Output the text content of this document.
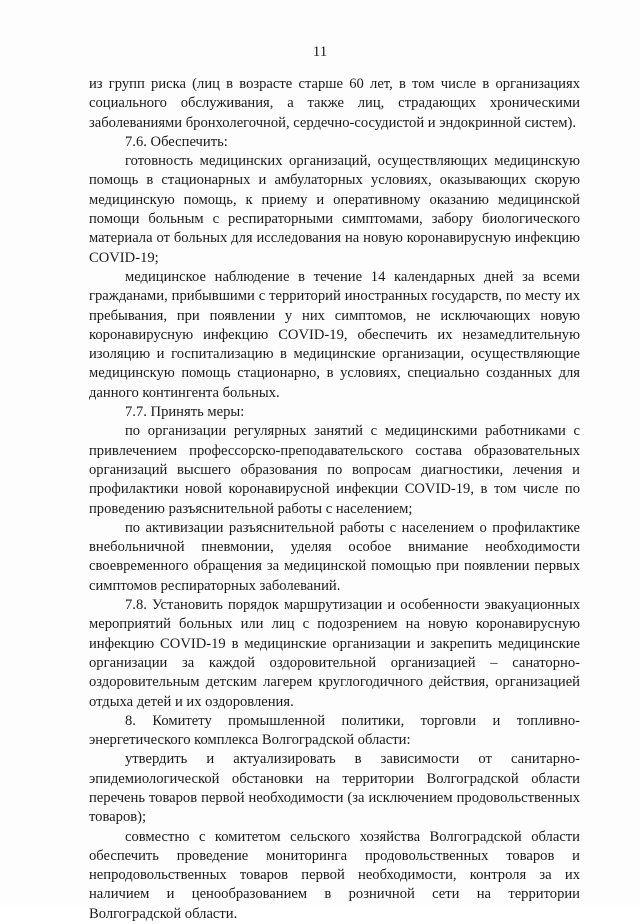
11

из групп риска (лиц в возрасте старше 60 лет, в том числе в организациях социального обслуживания, а также лиц, страдающих хроническими заболеваниями бронхолегочной, сердечно-сосудистой и эндокринной систем).

7.6. Обеспечить:

готовность медицинских организаций, осуществляющих медицинскую помощь в стационарных и амбулаторных условиях, оказывающих скорую медицинскую помощь, к приему и оперативному оказанию медицинской помощи больным с респираторными симптомами, забору биологического материала от больных для исследования на новую коронавирусную инфекцию COVID-19;

медицинское наблюдение в течение 14 календарных дней за всеми гражданами, прибывшими с территорий иностранных государств, по месту их пребывания, при появлении у них симптомов, не исключающих новую коронавирусную инфекцию COVID-19, обеспечить их незамедлительную изоляцию и госпитализацию в медицинские организации, осуществляющие медицинскую помощь стационарно, в условиях, специально созданных для данного контингента больных.

7.7. Принять меры:

по организации регулярных занятий с медицинскими работниками с привлечением профессорско-преподавательского состава образовательных организаций высшего образования по вопросам диагностики, лечения и профилактики новой коронавирусной инфекции COVID-19, в том числе по проведению разъяснительной работы с населением;

по активизации разъяснительной работы с населением о профилактике внебольничной пневмонии, уделяя особое внимание необходимости своевременного обращения за медицинской помощью при появлении первых симптомов респираторных заболеваний.

7.8. Установить порядок маршрутизации и особенности эвакуационных мероприятий больных или лиц с подозрением на новую коронавирусную инфекцию COVID-19 в медицинские организации и закрепить медицинские организации за каждой оздоровительной организацией – санаторно-оздоровительным детским лагерем круглогодичного действия, организацией отдыха детей и их оздоровления.

8. Комитету промышленной политики, торговли и топливно-энергетического комплекса Волгоградской области:

утвердить и актуализировать в зависимости от санитарно-эпидемиологической обстановки на территории Волгоградской области перечень товаров первой необходимости (за исключением продовольственных товаров);

совместно с комитетом сельского хозяйства Волгоградской области обеспечить проведение мониторинга продовольственных товаров и непродовольственных товаров первой необходимости, контроля за их наличием и ценообразованием в розничной сети на территории Волгоградской области.
